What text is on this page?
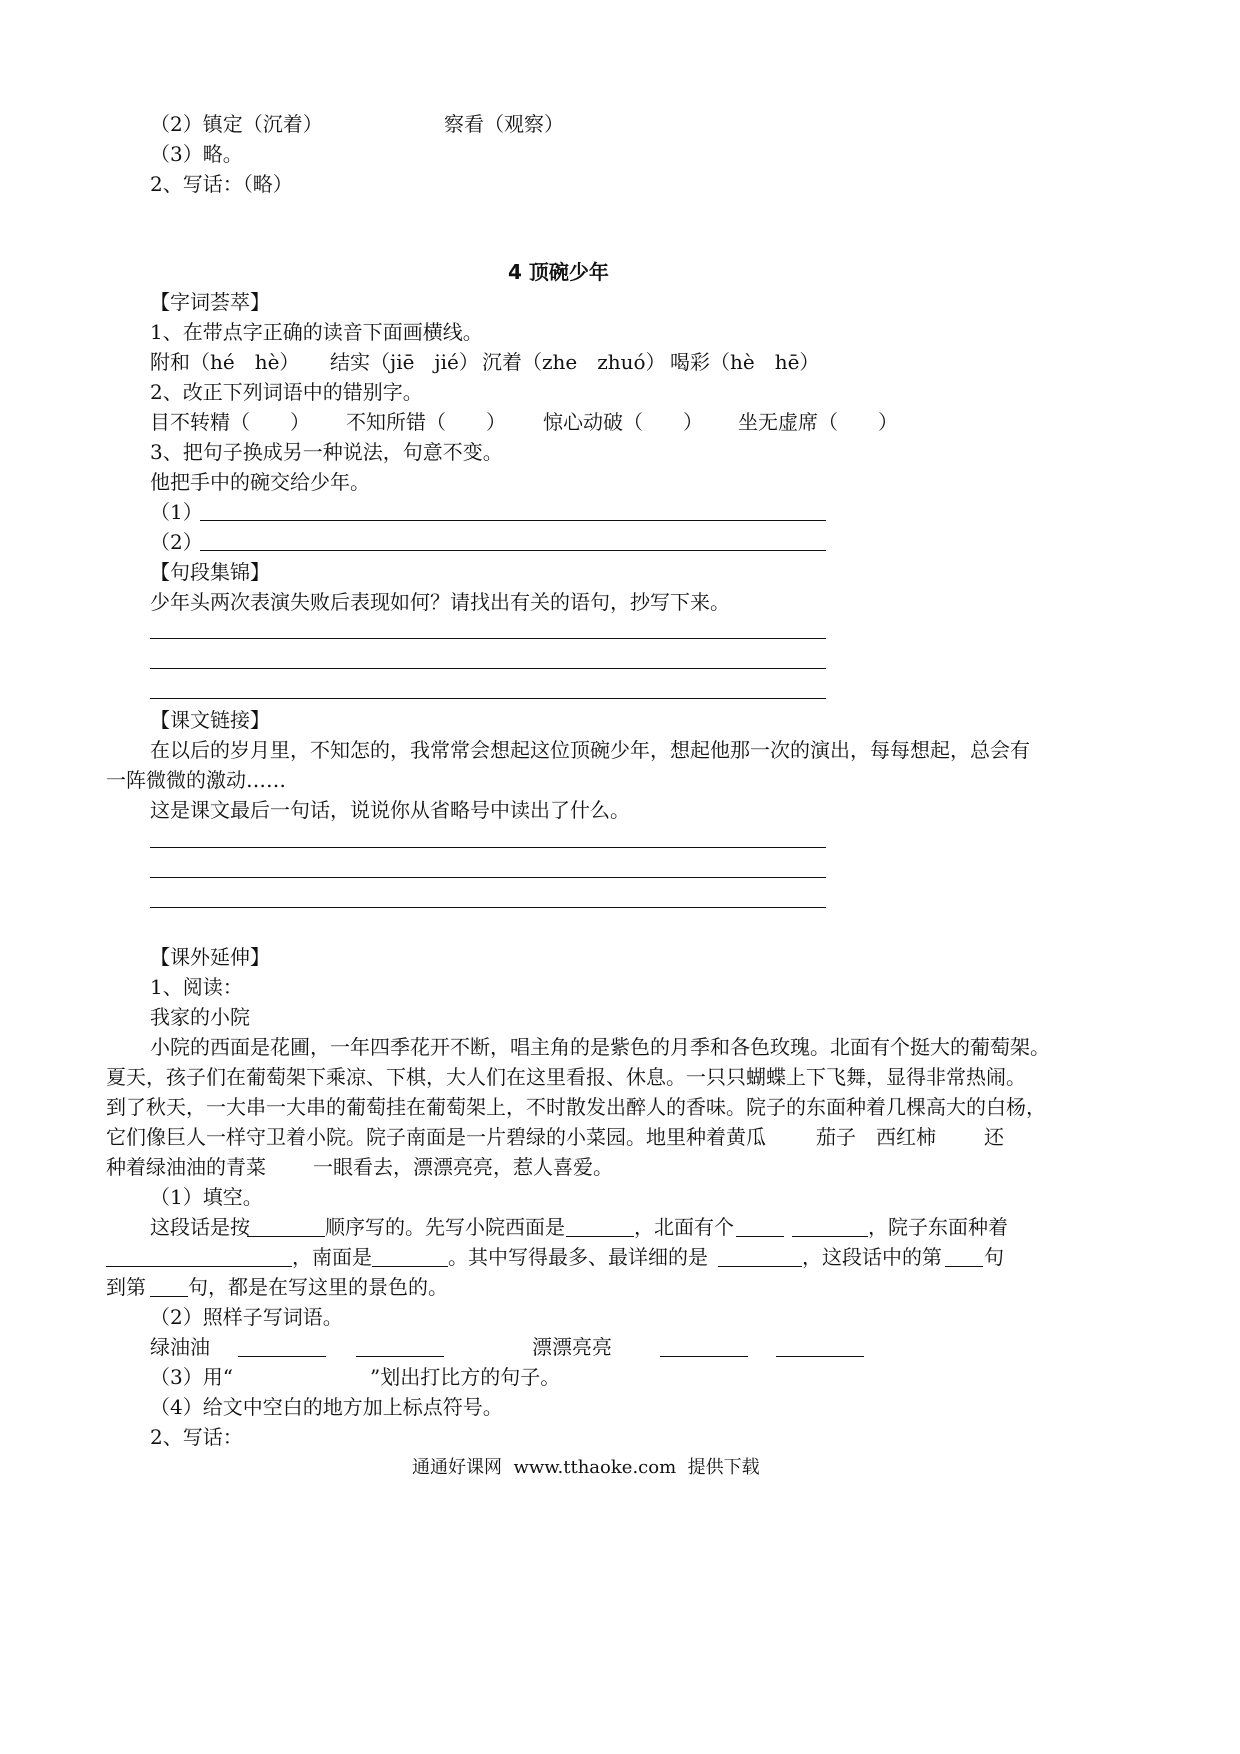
（2）镇定（沉着）	察看（观察）
（3）略。
2、写话：（略）
4 顶碗少年
【字词荟萃】
1、在带点字正确的读音下面画横线。
附和（hé　hè） 结实（jiē　jié） 沉着（zhe　zhuó） 喝彩（hè　hē）
2、改正下列词语中的错别字。
目不转精（　　） 不知所错（　　） 惊心动破（　　） 坐无虚席（　　）
3、把句子换成另一种说法，句意不变。
他把手中的碗交给少年。
（1）
（2）
【句段集锦】
少年头两次表演失败后表现如何？请找出有关的语句，抄写下来。
【课文链接】
在以后的岁月里，不知怎的，我常常会想起这位顶碗少年，想起他那一次的演出，每每想起，总会有
一阵微微的激动……
这是课文最后一句话，说说你从省略号中读出了什么。
【课外延伸】
1、阅读：
我家的小院
小院的西面是花圃，一年四季花开不断，唱主角的是紫色的月季和各色玫瑰。北面有个挺大的葡萄架。
夏天，孩子们在葡萄架下乘凉、下棋，大人们在这里看报、休息。一只只蝴蝶上下飞舞，显得非常热闹。
到了秋天，一大串一大串的葡萄挂在葡萄架上，不时散发出醉人的香味。院子的东面种着几棵高大的白杨，
它们像巨人一样守卫着小院。院子南面是一片碧绿的小菜园。地里种着黄瓜	茄子 西红柿 还
种着绿油油的青菜 一眼看去，漂漂亮亮，惹人喜爱。
（1）填空。
这段话是按	顺序写的。先写小院西面是	，北面有个	，院子东面种着
，南面是	。其中写得最多、最详细的是	，这段话中的第 句
到第 句，都是在写这里的景色的。
（2）照样子写词语。
绿油油	漂漂亮亮
（3）用“	”划出打比方的句子。
（4）给文中空白的地方加上标点符号。
2、写话：
通通好课网  www.tthaoke.com  提供下载
